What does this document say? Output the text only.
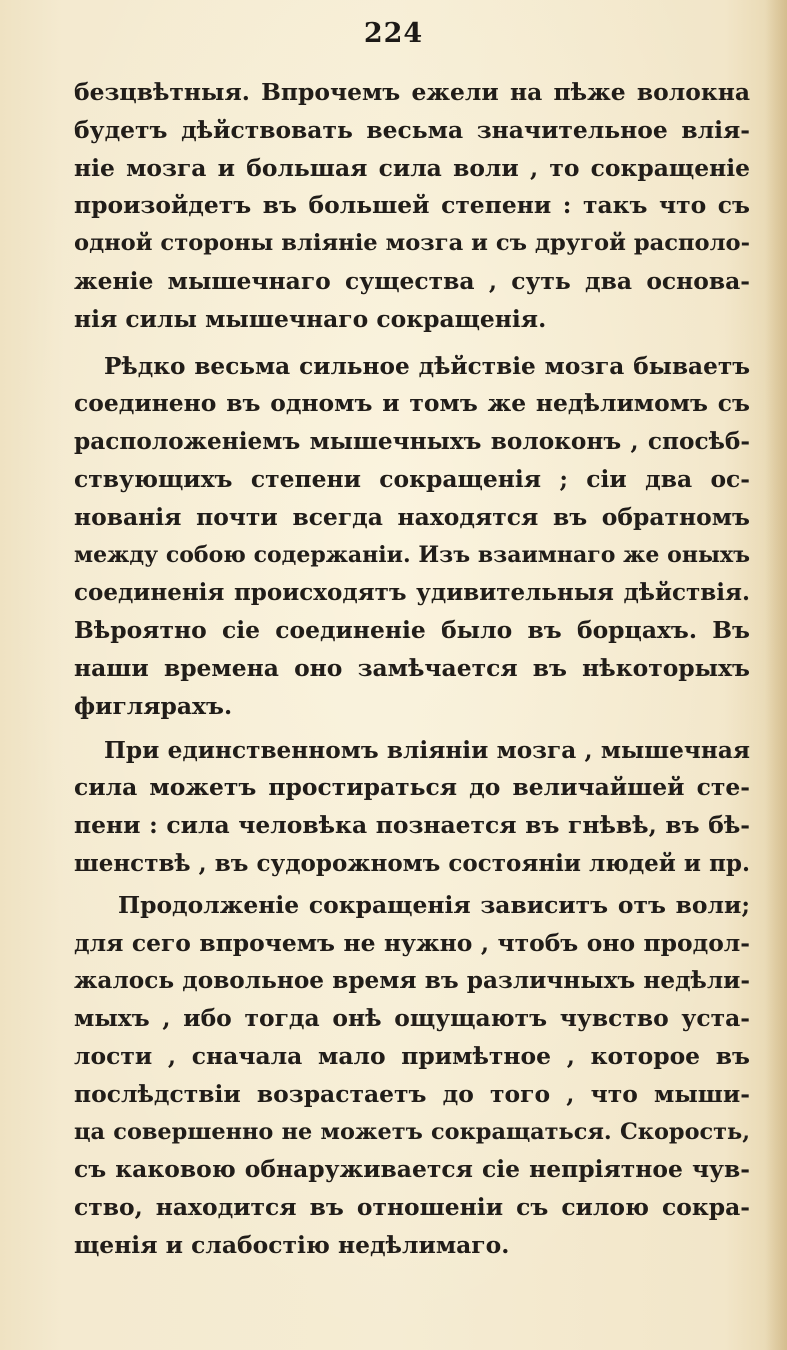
224
безцвѣтныя. Впрочемъ ежели на пѣже волокна
будетъ дѣйствовать весьма значительное влія-
ніе мозга и большая сила воли , то сокращеніе
произойдетъ въ большей степени : такъ что съ
одной стороны вліяніе мозга и съ другой располо-
женіе мышечнаго существа , суть два основа-
нія силы мышечнаго сокращенія.
Рѣдко весьма сильное дѣйствіе мозга бываетъ
соединено въ одномъ и томъ же недѣлимомъ съ
расположеніемъ мышечныхъ волоконъ , спосѣб-
ствующихъ степени сокращенія ; сіи два ос-
нованія почти всегда находятся въ обратномъ
между собою содержаніи. Изъ взаимнаго же оныхъ
соединенія происходятъ удивительныя дѣйствія.
Вѣроятно сіе соединеніе было въ борцахъ. Въ
наши времена оно замѣчается въ нѣкоторыхъ
фиглярахъ.
При единственномъ вліяніи мозга , мышечная
сила можетъ простираться до величайшей сте-
пени : сила человѣка познается въ гнѣвѣ, въ бѣ-
шенствѣ , въ судорожномъ состояніи людей и пр.
Продолженіе сокращенія зависитъ отъ воли;
для сего впрочемъ не нужно , чтобъ оно продол-
жалось довольное время въ различныхъ недѣли-
мыхъ , ибо тогда онѣ ощущаютъ чувство уста-
лости , сначала мало примѣтное , которое въ
послѣдствіи возрастаетъ до того , что мыши-
ца совершенно не можетъ сокращаться. Скорость,
съ каковою обнаруживается сіе непріятное чув-
ство, находится въ отношеніи съ силою сокра-
щенія и слабостію недѣлимаго.
